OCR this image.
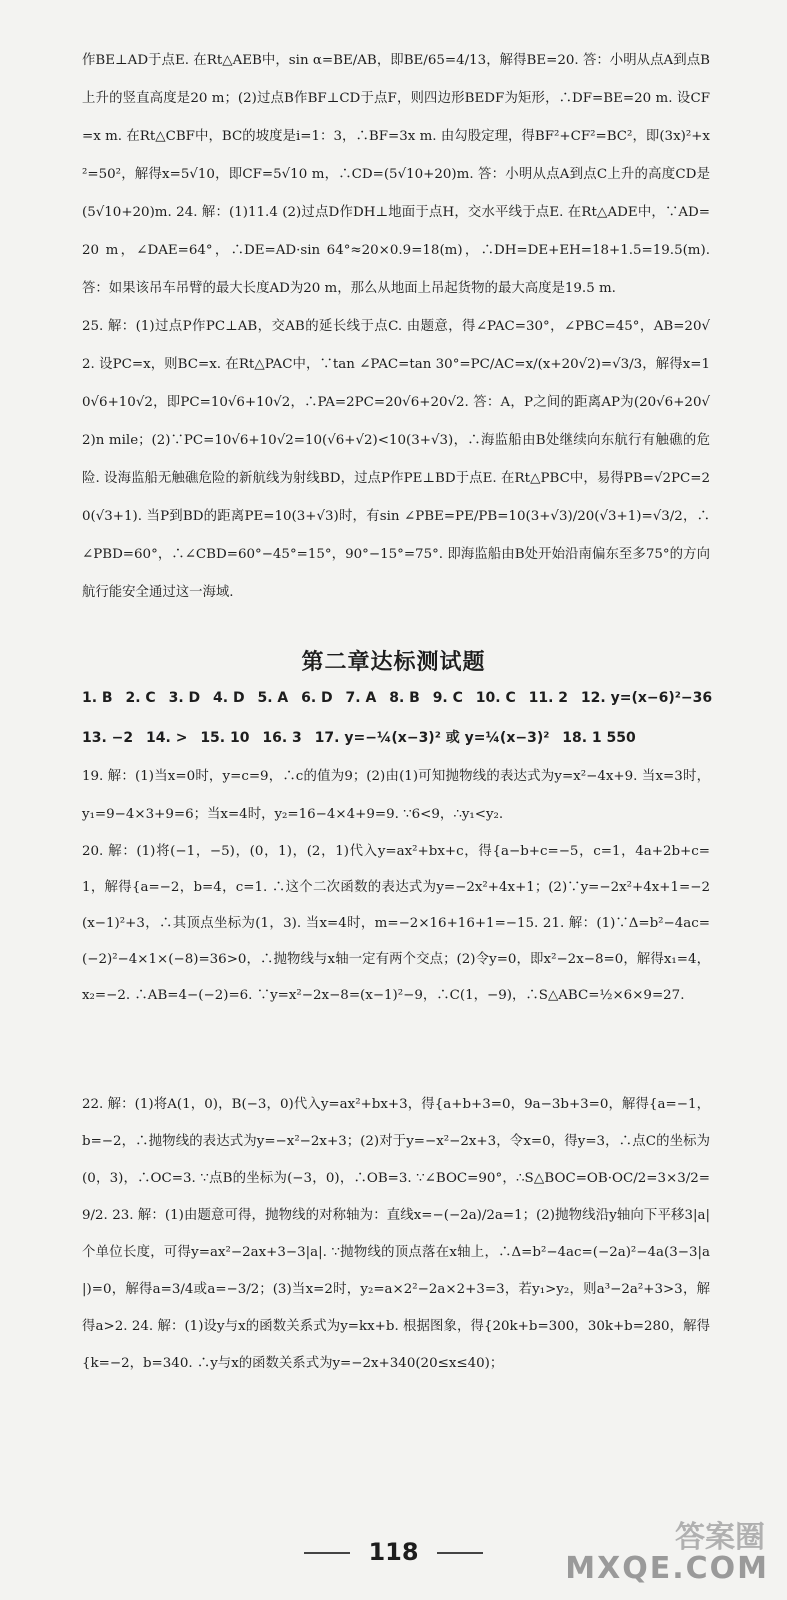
作BE⊥AD于点E. 在Rt△AEB中，sin α=BE/AB，即BE/65=4/13，解得BE=20. 答：小明从点A到点B上升的竖直高度是20 m；(2)过点B作BF⊥CD于点F，则四边形BEDF为矩形，∴DF=BE=20 m. 设CF=x m. 在Rt△CBF中，BC的坡度是i=1：3，∴BF=3x m. 由勾股定理，得BF²+CF²=BC²，即(3x)²+x²=50²，解得x=5√10，即CF=5√10 m，∴CD=(5√10+20)m. 答：小明从点A到点C上升的高度CD是(5√10+20)m. 24. 解：(1)11.4 (2)过点D作DH⊥地面于点H，交水平线于点E. 在Rt△ADE中，∵AD=20 m，∠DAE=64°，∴DE=AD·sin 64°≈20×0.9=18(m)，∴DH=DE+EH=18+1.5=19.5(m). 答：如果该吊车吊臂的最大长度AD为20 m，那么从地面上吊起货物的最大高度是19.5 m.
25. 解：(1)过点P作PC⊥AB，交AB的延长线于点C. 由题意，得∠PAC=30°，∠PBC=45°，AB=20√2. 设PC=x，则BC=x. 在Rt△PAC中，∵tan ∠PAC=tan 30°=PC/AC=x/(x+20√2)=√3/3，解得x=10√6+10√2，即PC=10√6+10√2，∴PA=2PC=20√6+20√2. 答：A，P之间的距离AP为(20√6+20√2)n mile；(2)∵PC=10√6+10√2=10(√6+√2)<10(3+√3)，∴海监船由B处继续向东航行有触礁的危险. 设海监船无触礁危险的新航线为射线BD，过点P作PE⊥BD于点E. 在Rt△PBC中，易得PB=√2PC=20(√3+1). 当P到BD的距离PE=10(3+√3)时，有sin ∠PBE=PE/PB=10(3+√3)/20(√3+1)=√3/2，∴∠PBD=60°，∴∠CBD=60°−45°=15°，90°−15°=75°. 即海监船由B处开始沿南偏东至多75°的方向航行能安全通过这一海域.
第二章达标测试题
1. B 2. C 3. D 4. D 5. A 6. D 7. A 8. B 9. C 10. C 11. 2 12. y=(x−6)²−36
13. −2 14. > 15. 10 16. 3 17. y=−¼(x−3)² 或 y=¼(x−3)² 18. 1 550
19. 解：(1)当x=0时，y=c=9，∴c的值为9；(2)由(1)可知抛物线的表达式为y=x²−4x+9. 当x=3时，y₁=9−4×3+9=6；当x=4时，y₂=16−4×4+9=9. ∵6<9，∴y₁<y₂.
20. 解：(1)将(−1，−5)，(0，1)，(2，1)代入y=ax²+bx+c，得{a−b+c=−5，c=1，4a+2b+c=1，解得{a=−2，b=4，c=1. ∴这个二次函数的表达式为y=−2x²+4x+1；(2)∵y=−2x²+4x+1=−2(x−1)²+3，∴其顶点坐标为(1，3). 当x=4时，m=−2×16+16+1=−15. 21. 解：(1)∵Δ=b²−4ac=(−2)²−4×1×(−8)=36>0，∴抛物线与x轴一定有两个交点；(2)令y=0，即x²−2x−8=0，解得x₁=4，x₂=−2. ∴AB=4−(−2)=6. ∵y=x²−2x−8=(x−1)²−9，∴C(1，−9)，∴S△ABC=½×6×9=27.
22. 解：(1)将A(1，0)，B(−3，0)代入y=ax²+bx+3，得{a+b+3=0，9a−3b+3=0，解得{a=−1，b=−2，∴抛物线的表达式为y=−x²−2x+3；(2)对于y=−x²−2x+3，令x=0，得y=3，∴点C的坐标为(0，3)，∴OC=3. ∵点B的坐标为(−3，0)，∴OB=3. ∵∠BOC=90°，∴S△BOC=OB·OC/2=3×3/2=9/2. 23. 解：(1)由题意可得，抛物线的对称轴为：直线x=−(−2a)/2a=1；(2)抛物线沿y轴向下平移3|a|个单位长度，可得y=ax²−2ax+3−3|a|. ∵抛物线的顶点落在x轴上，∴Δ=b²−4ac=(−2a)²−4a(3−3|a|)=0，解得a=3/4或a=−3/2；(3)当x=2时，y₂=a×2²−2a×2+3=3，若y₁>y₂，则a³−2a²+3>3，解得a>2. 24. 解：(1)设y与x的函数关系式为y=kx+b. 根据图象，得{20k+b=300，30k+b=280，解得{k=−2，b=340. ∴y与x的函数关系式为y=−2x+340(20≤x≤40)；
118	答案圈
MXQE.COM
